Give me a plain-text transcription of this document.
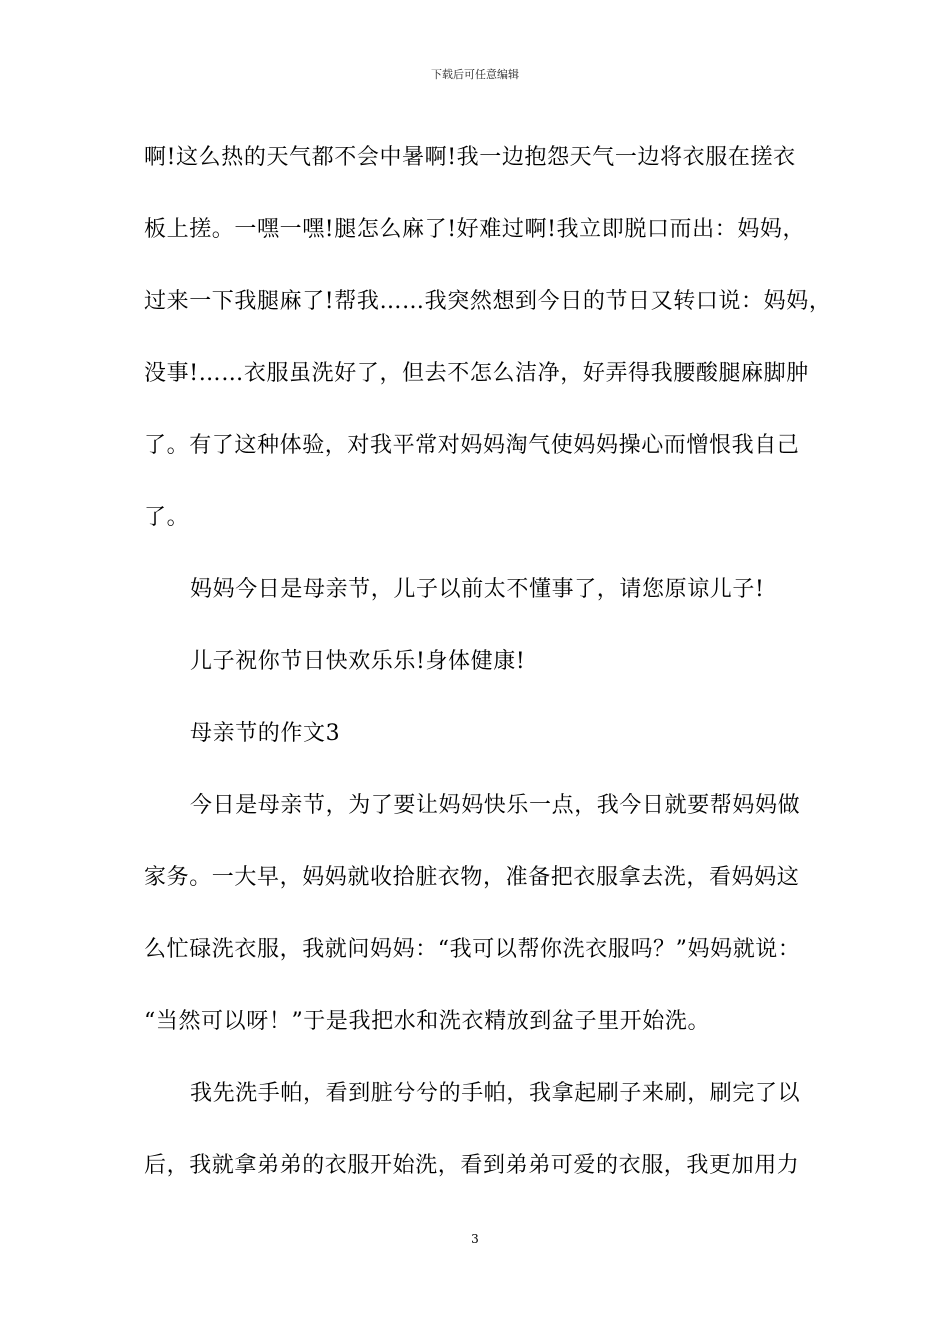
下载后可任意编辑
啊!这么热的天气都不会中暑啊!我一边抱怨天气一边将衣服在搓衣
板上搓。一嘿一嘿!腿怎么麻了!好难过啊!我立即脱口而出：妈妈，
过来一下我腿麻了!帮我……我突然想到今日的节日又转口说：妈妈，
没事!……衣服虽洗好了，但去不怎么洁净，好弄得我腰酸腿麻脚肿
了。有了这种体验，对我平常对妈妈淘气使妈妈操心而憎恨我自己
了。
妈妈今日是母亲节，儿子以前太不懂事了，请您原谅儿子!
儿子祝你节日快欢乐乐!身体健康!
母亲节的作文3
今日是母亲节，为了要让妈妈快乐一点，我今日就要帮妈妈做
家务。一大早，妈妈就收拾脏衣物，准备把衣服拿去洗，看妈妈这
么忙碌洗衣服，我就问妈妈：“我可以帮你洗衣服吗？”妈妈就说：
“当然可以呀！”于是我把水和洗衣精放到盆子里开始洗。
我先洗手帕，看到脏兮兮的手帕，我拿起刷子来刷，刷完了以
后，我就拿弟弟的衣服开始洗，看到弟弟可爱的衣服，我更加用力
3
